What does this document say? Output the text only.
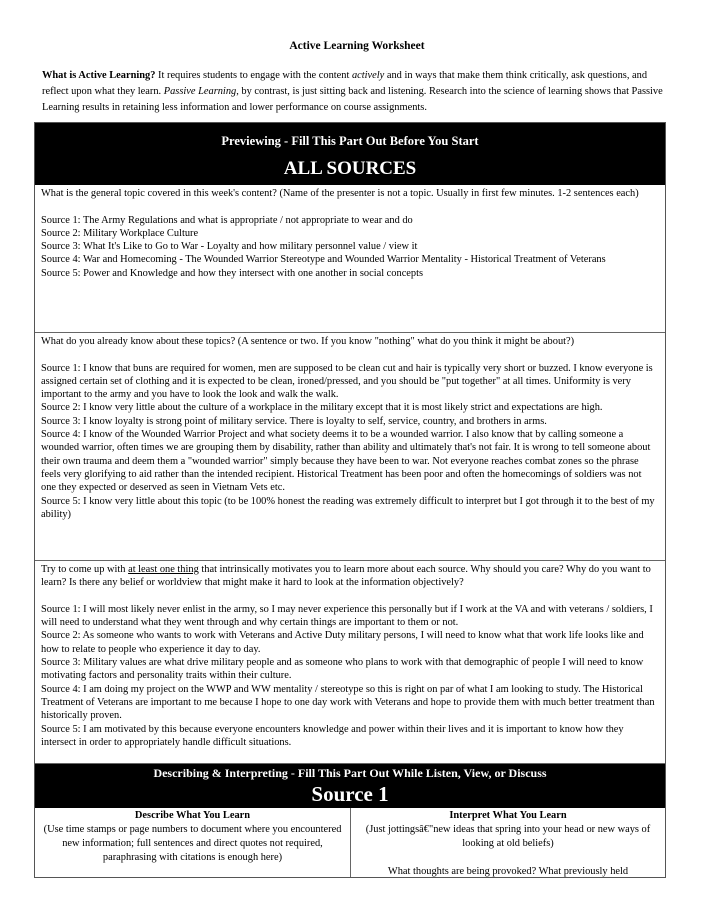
Active Learning Worksheet
What is Active Learning? It requires students to engage with the content actively and in ways that make them think critically, ask questions, and reflect upon what they learn. Passive Learning, by contrast, is just sitting back and listening. Research into the science of learning shows that Passive Learning results in retaining less information and lower performance on course assignments.
Previewing - Fill This Part Out Before You Start
ALL SOURCES

What is the general topic covered in this week's content? (Name of the presenter is not a topic. Usually in first few minutes. 1-2 sentences each)

Source 1: The Army Regulations and what is appropriate / not appropriate to wear and do

Source 2: Military Workplace Culture

Source 3: What It's Like to Go to War - Loyalty and how military personnel value / view it

Source 4: War and Homecoming - The Wounded Warrior Stereotype and Wounded Warrior Mentality - Historical Treatment of Veterans

Source 5: Power and Knowledge and how they intersect with one another in social concepts

What do you already know about these topics? (A sentence or two. If you know "nothing" what do you think it might be about?)

Source 1: I know that buns are required for women, men are supposed to be clean cut and hair is typically very short or buzzed. I know everyone is assigned certain set of clothing and it is expected to be clean, ironed/pressed, and you should be "put together" at all times. Uniformity is very important to the army and you have to look the look and walk the walk.

Source 2: I know very little about the culture of a workplace in the military except that it is most likely strict and expectations are high.

Source 3: I know loyalty is strong point of military service. There is loyalty to self, service, country, and brothers in arms.

Source 4: I know of the Wounded Warrior Project and what society deems it to be a wounded warrior. I also know that by calling someone a wounded warrior, often times we are grouping them by disability, rather than ability and ultimately that's not fair. It is wrong to tell someone about their own trauma and deem them a "wounded warrior" simply because they have been to war. Not everyone reaches combat zones so the phrase feels very glorifying to aid rather than the intended recipient. Historical Treatment has been poor and often the homecomings of soldiers was not one they expected or deserved as seen in Vietnam Vets etc.

Source 5: I know very little about this topic (to be 100% honest the reading was extremely difficult to interpret but I got through it to the best of my ability)

Try to come up with at least one thing that intrinsically motivates you to learn more about each source. Why should you care? Why do you want to learn? Is there any belief or worldview that might make it hard to look at the information objectively?

Source 1: I will most likely never enlist in the army, so I may never experience this personally but if I work at the VA and with veterans / soldiers, I will need to understand what they went through and why certain things are important to them or not.

Source 2: As someone who wants to work with Veterans and Active Duty military persons, I will need to know what that work life looks like and how to relate to people who experience it day to day.

Source 3: Military values are what drive military people and as someone who plans to work with that demographic of people I will need to know motivating factors and personality traits within their culture.

Source 4: I am doing my project on the WWP and WW mentality / stereotype so this is right on par of what I am looking to study. The Historical Treatment of Veterans are important to me because I hope to one day work with Veterans and hope to provide them with much better treatment than historically proven.

Source 5: I am motivated by this because everyone encounters knowledge and power within their lives and it is important to know how they intersect in order to appropriately handle difficult situations.

Describing & Interpreting - Fill This Part Out While Listen, View, or Discuss
Source 1
Describe What You Learn
(Use time stamps or page numbers to document where you encountered new information; full sentences and direct quotes not required, paraphrasing with citations is enough here)
Interpret What You Learn
(Just jottingsâ€"new ideas that spring into your head or new ways of looking at old beliefs)
What thoughts are being provoked? What previously held
